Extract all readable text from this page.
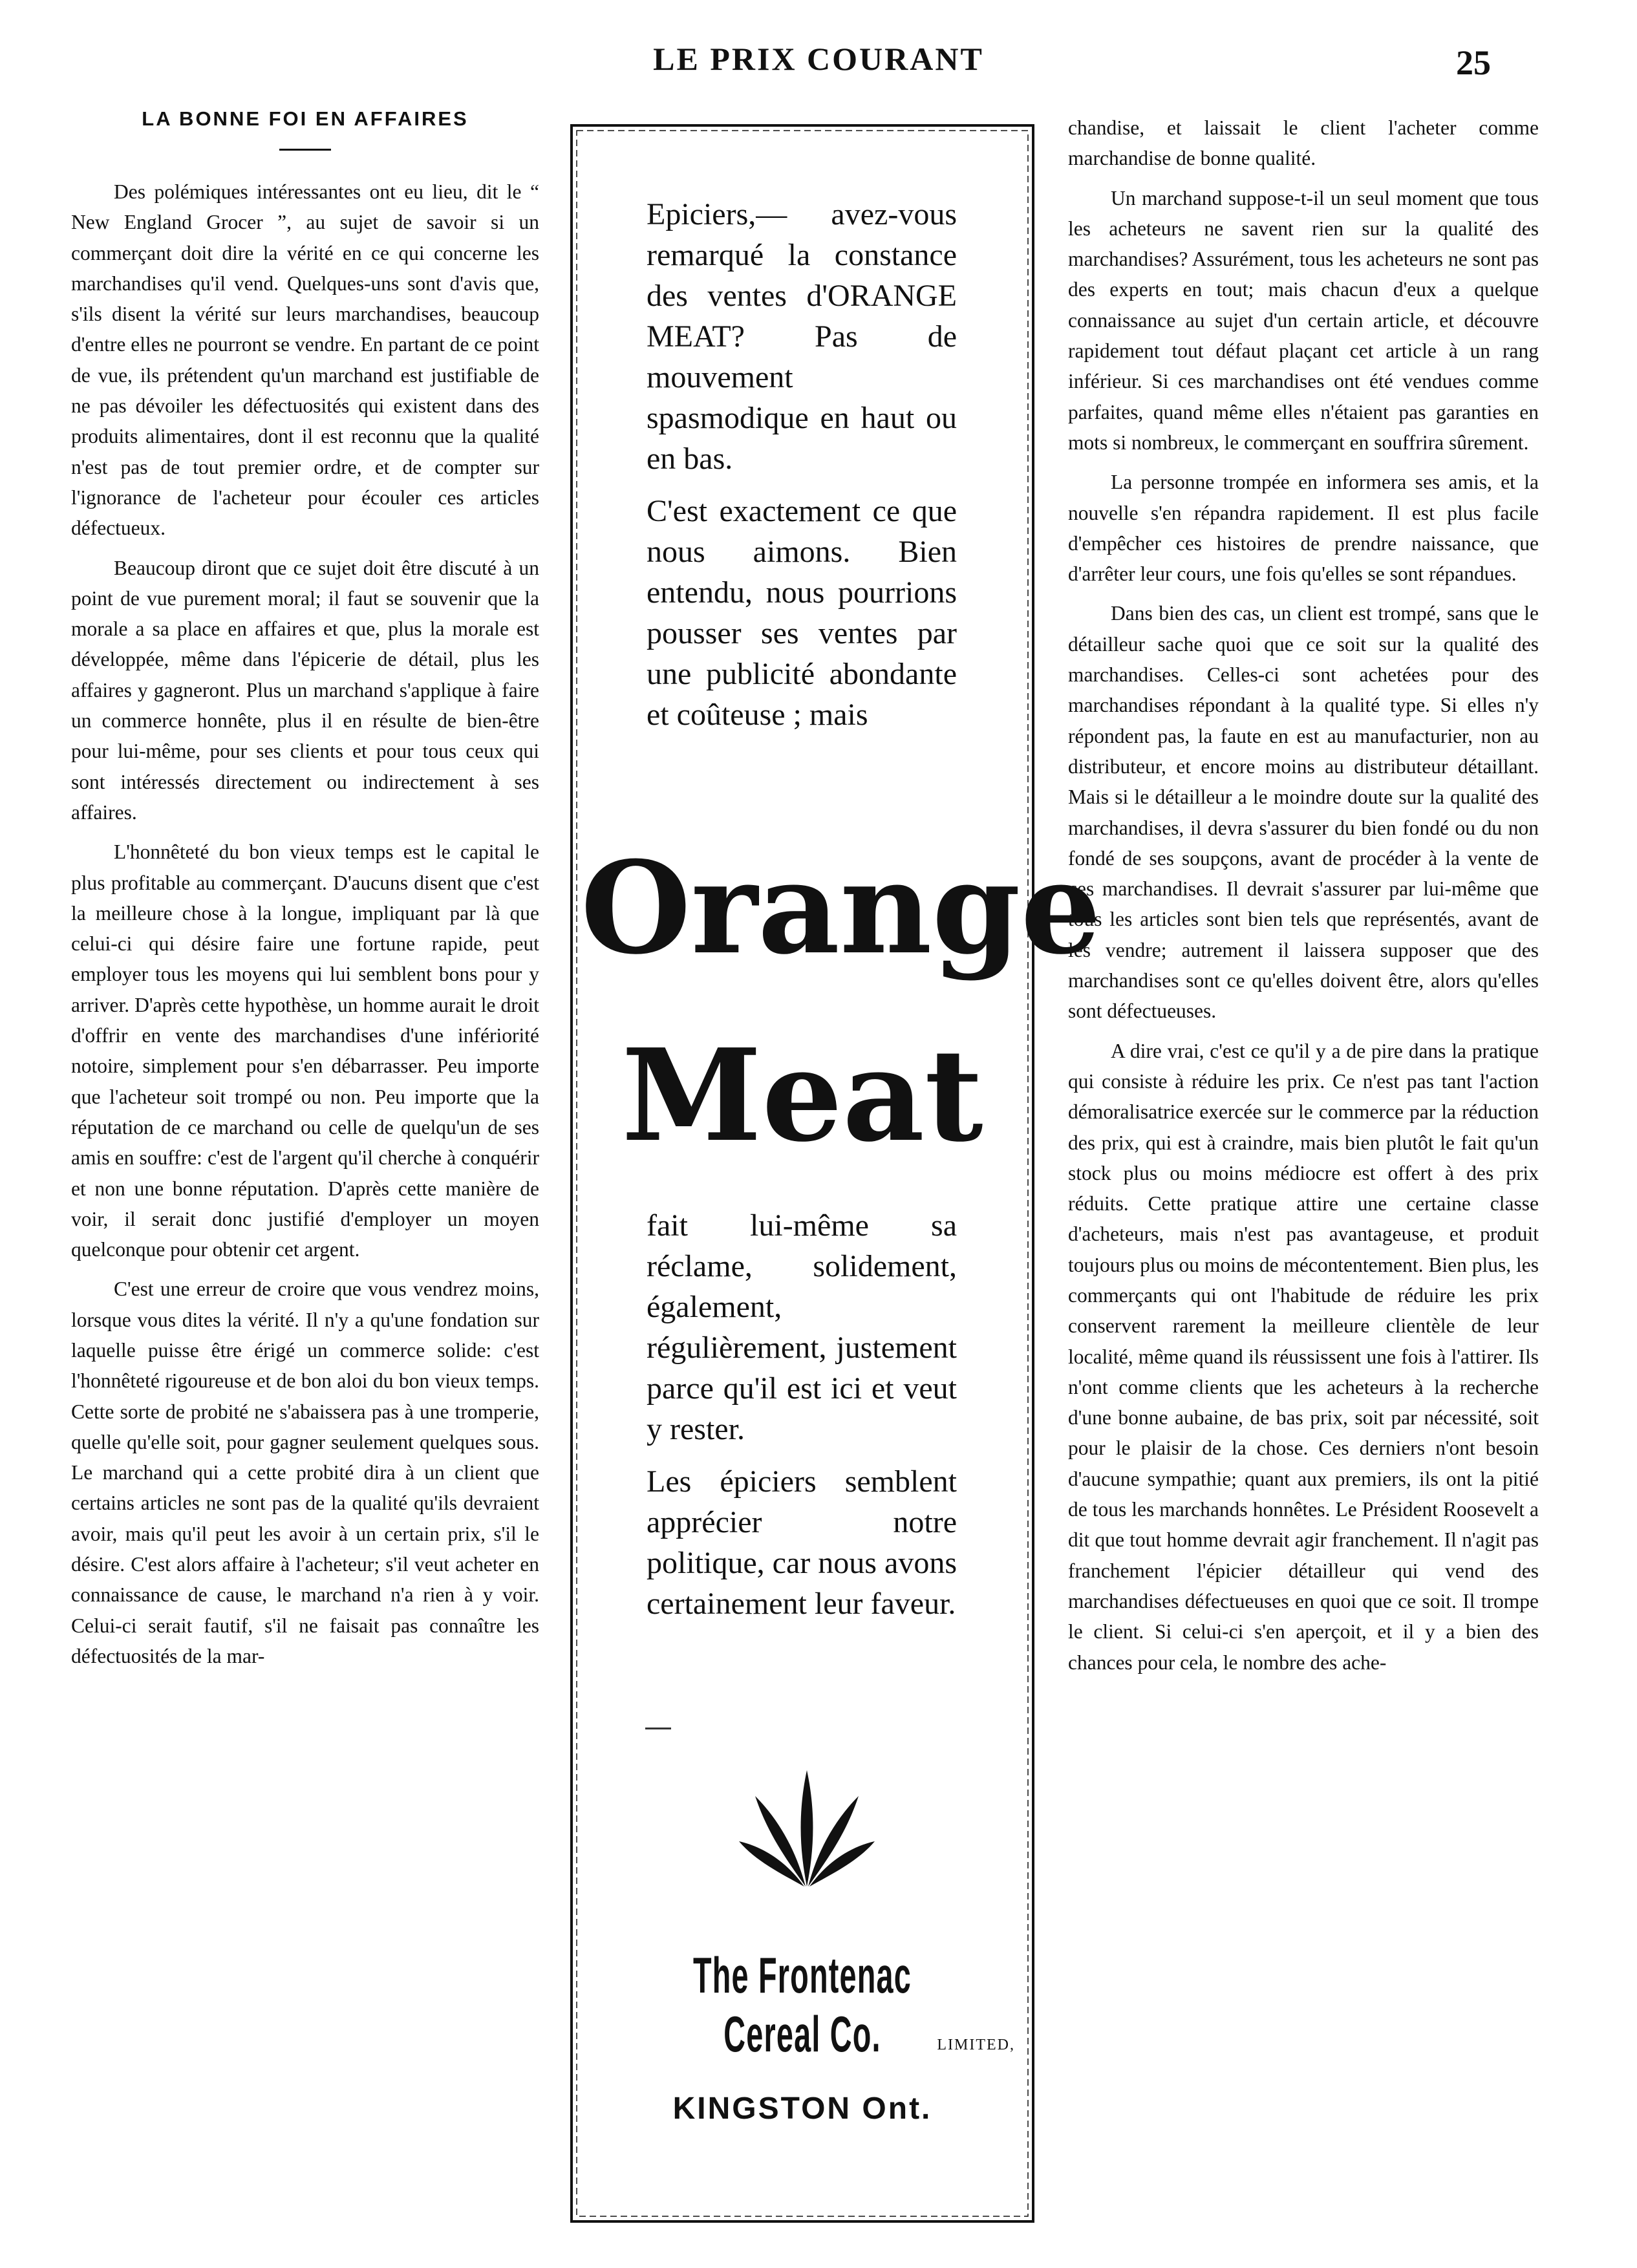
LE PRIX COURANT	25
LA BONNE FOI EN AFFAIRES

Des polémiques intéressantes ont eu lieu, dit le “ New England Grocer ”, au sujet de savoir si un commerçant doit dire la vérité en ce qui concerne les marchandises qu'il vend. Quelques-uns sont d'avis que, s'ils disent la vérité sur leurs marchandises, beaucoup d'entre elles ne pourront se vendre. En partant de ce point de vue, ils prétendent qu'un marchand est justifiable de ne pas dévoiler les défectuosités qui existent dans des produits alimentaires, dont il est reconnu que la qualité n'est pas de tout premier ordre, et de compter sur l'ignorance de l'acheteur pour écouler ces articles défectueux.

Beaucoup diront que ce sujet doit être discuté à un point de vue purement moral; il faut se souvenir que la morale a sa place en affaires et que, plus la morale est développée, même dans l'épicerie de détail, plus les affaires y gagneront. Plus un marchand s'applique à faire un commerce honnête, plus il en résulte de bien-être pour lui-même, pour ses clients et pour tous ceux qui sont intéressés directement ou indirectement à ses affaires.

L'honnêteté du bon vieux temps est le capital le plus profitable au commerçant. D'aucuns disent que c'est la meilleure chose à la longue, impliquant par là que celui-ci qui désire faire une fortune rapide, peut employer tous les moyens qui lui semblent bons pour y arriver. D'après cette hypothèse, un homme aurait le droit d'offrir en vente des marchandises d'une infériorité notoire, simplement pour s'en débarrasser. Peu importe que l'acheteur soit trompé ou non. Peu importe que la réputation de ce marchand ou celle de quelqu'un de ses amis en souffre: c'est de l'argent qu'il cherche à conquérir et non une bonne réputation. D'après cette manière de voir, il serait donc justifié d'employer un moyen quelconque pour obtenir cet argent.

C'est une erreur de croire que vous vendrez moins, lorsque vous dites la vérité. Il n'y a qu'une fondation sur laquelle puisse être érigé un commerce solide: c'est l'honnêteté rigoureuse et de bon aloi du bon vieux temps. Cette sorte de probité ne s'abaissera pas à une tromperie, quelle qu'elle soit, pour gagner seulement quelques sous. Le marchand qui a cette probité dira à un client que certains articles ne sont pas de la qualité qu'ils devraient avoir, mais qu'il peut les avoir à un certain prix, s'il le désire. C'est alors affaire à l'acheteur; s'il veut acheter en connaissance de cause, le marchand n'a rien à y voir. Celui-ci serait fautif, s'il ne faisait pas connaître les défectuosités de la mar-

chandise, et laissait le client l'acheter comme marchandise de bonne qualité.

Un marchand suppose-t-il un seul moment que tous les acheteurs ne savent rien sur la qualité des marchandises? Assurément, tous les acheteurs ne sont pas des experts en tout; mais chacun d'eux a quelque connaissance au sujet d'un certain article, et découvre rapidement tout défaut plaçant cet article à un rang inférieur. Si ces marchandises ont été vendues comme parfaites, quand même elles n'étaient pas garanties en mots si nombreux, le commerçant en souffrira sûrement.

La personne trompée en informera ses amis, et la nouvelle s'en répandra rapidement. Il est plus facile d'empêcher ces histoires de prendre naissance, que d'arrêter leur cours, une fois qu'elles se sont répandues.

Dans bien des cas, un client est trompé, sans que le détailleur sache quoi que ce soit sur la qualité des marchandises. Celles-ci sont achetées pour des marchandises répondant à la qualité type. Si elles n'y répondent pas, la faute en est au manufacturier, non au distributeur, et encore moins au distributeur détaillant. Mais si le détailleur a le moindre doute sur la qualité des marchandises, il devra s'assurer du bien fondé ou du non fondé de ses soupçons, avant de procéder à la vente de ces marchandises. Il devrait s'assurer par lui-même que tous les articles sont bien tels que représentés, avant de les vendre; autrement il laissera supposer que des marchandises sont ce qu'elles doivent être, alors qu'elles sont défectueuses.

A dire vrai, c'est ce qu'il y a de pire dans la pratique qui consiste à réduire les prix. Ce n'est pas tant l'action démoralisatrice exercée sur le commerce par la réduction des prix, qui est à craindre, mais bien plutôt le fait qu'un stock plus ou moins médiocre est offert à des prix réduits. Cette pratique attire une certaine classe d'acheteurs, mais n'est pas avantageuse, et produit toujours plus ou moins de mécontentement. Bien plus, les commerçants qui ont l'habitude de réduire les prix conservent rarement la meilleure clientèle de leur localité, même quand ils réussissent une fois à l'attirer. Ils n'ont comme clients que les acheteurs à la recherche d'une bonne aubaine, de bas prix, soit par nécessité, soit pour le plaisir de la chose. Ces derniers n'ont besoin d'aucune sympathie; quant aux premiers, ils ont la pitié de tous les marchands honnêtes. Le Président Roosevelt a dit que tout homme devrait agir franchement. Il n'agit pas franchement l'épicier détailleur qui vend des marchandises défectueuses en quoi que ce soit. Il trompe le client. Si celui-ci s'en aperçoit, et il y a bien des chances pour cela, le nombre des ache-

Epiciers,— avez-vous remarqué la constance des ventes d'ORANGE MEAT? Pas de mouvement spasmodique en haut ou en bas.

C'est exactement ce que nous aimons. Bien entendu, nous pourrions pousser ses ventes par une publicité abondante et coûteuse ; mais

Orange
Meat

fait lui-même sa réclame, solidement, également, régulièrement, justement parce qu'il est ici et veut y rester.

Les épiciers semblent apprécier notre politique, car nous avons certainement leur faveur.

The Frontenac Cereal Co.	LIMITED,
KINGSTON Ont.
